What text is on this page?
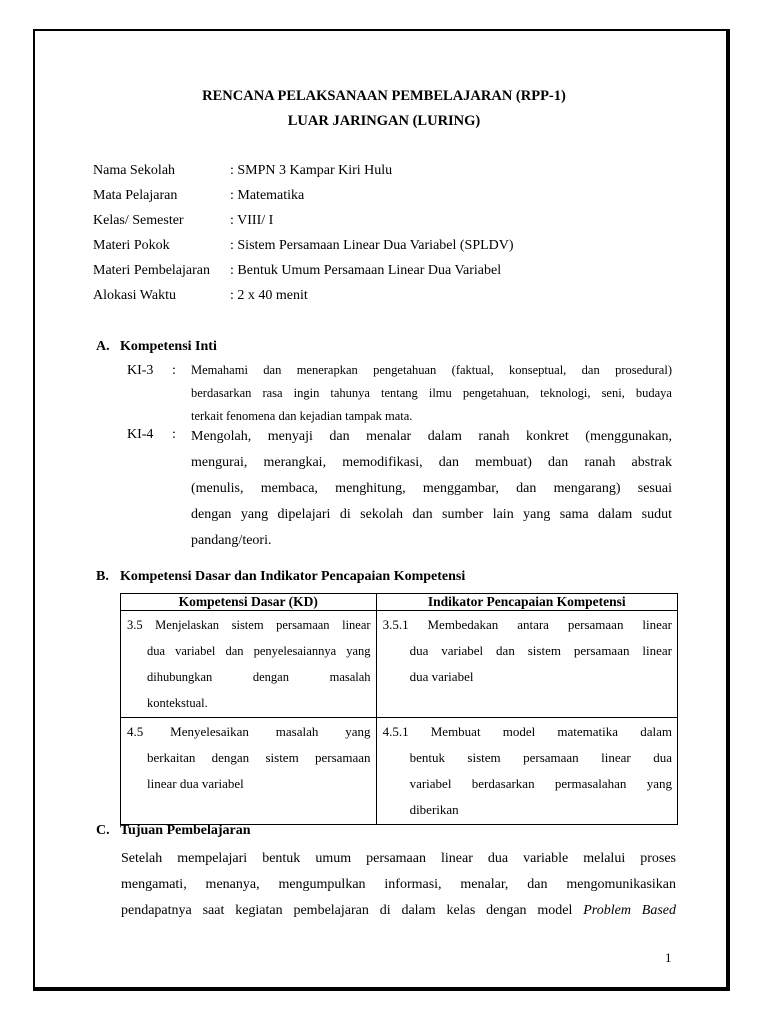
RENCANA PELAKSANAAN PEMBELAJARAN (RPP-1)
LUAR JARINGAN (LURING)
Nama Sekolah	: SMPN 3 Kampar Kiri Hulu
Mata Pelajaran	: Matematika
Kelas/ Semester	: VIII/ I
Materi Pokok	: Sistem Persamaan Linear Dua Variabel (SPLDV)
Materi Pembelajaran : Bentuk Umum Persamaan Linear Dua Variabel
Alokasi Waktu	: 2 x 40 menit
A. Kompetensi Inti
KI-3 : Memahami dan menerapkan pengetahuan (faktual, konseptual, dan prosedural)
berdasarkan rasa ingin tahunya tentang ilmu pengetahuan, teknologi, seni, budaya
terkait fenomena dan kejadian tampak mata.
KI-4 : Mengolah, menyaji dan menalar dalam ranah konkret (menggunakan,
mengurai, merangkai, memodifikasi, dan membuat) dan ranah abstrak
(menulis, membaca, menghitung, menggambar, dan mengarang) sesuai
dengan yang dipelajari di sekolah dan sumber lain yang sama dalam sudut
pandang/teori.
B. Kompetensi Dasar dan Indikator Pencapaian Kompetensi
Kompetensi Dasar (KD)	Indikator Pencapaian Kompetensi

3.5 Menjelaskan sistem persamaan linear
dua variabel dan penyelesaiannya yang
dihubungkan dengan masalah
kontekstual.	3.5.1 Membedakan antara persamaan linear
dua variabel dan sistem persamaan linear
dua variabel

4.5 Menyelesaikan masalah yang
berkaitan dengan sistem persamaan
linear dua variabel	4.5.1 Membuat model matematika dalam
bentuk sistem persamaan linear dua
variabel berdasarkan permasalahan yang
diberikan
C. Tujuan Pembelajaran
Setelah mempelajari bentuk umum persamaan linear dua variable melalui proses
mengamati, menanya, mengumpulkan informasi, menalar, dan mengomunikasikan
pendapatnya saat kegiatan pembelajaran di dalam kelas dengan model Problem Based
1
